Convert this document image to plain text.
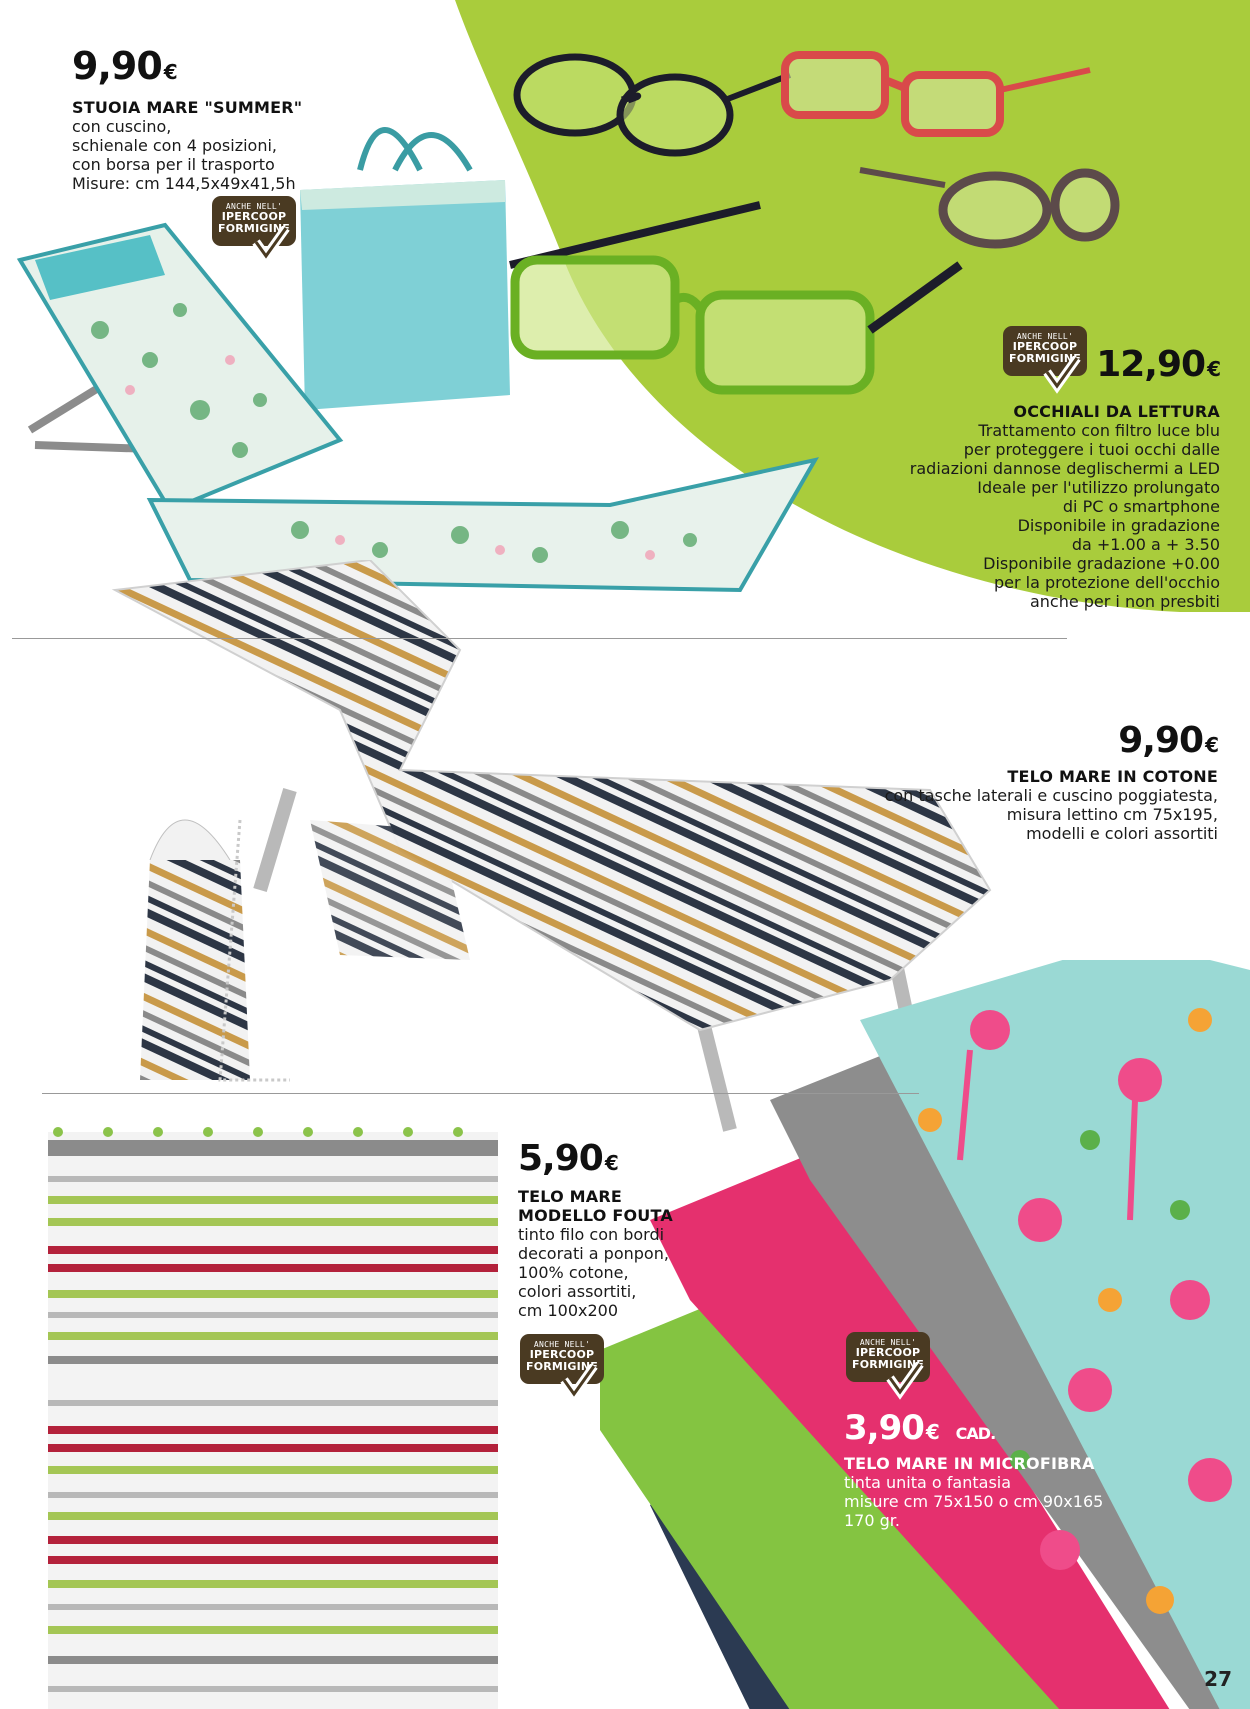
9,90 €
STUOIA MARE "SUMMER"
con cuscino,
schienale con 4 posizioni,
con borsa per il trasporto
Misure: cm 144,5x49x41,5h
ANCHE NELL'
IPERCOOP
FORMIGINE
ANCHE NELL'
IPERCOOP
FORMIGINE 12,90 €
OCCHIALI DA LETTURA
Trattamento con filtro luce blu
per proteggere i tuoi occhi dalle
radiazioni dannose deglischermi a LED
Ideale per l'utilizzo prolungato
di PC o smartphone
Disponibile in gradazione
da +1.00 a + 3.50
Disponibile gradazione +0.00
per la protezione dell'occhio
anche per i non presbiti
9,90 €
TELO MARE IN COTONE
con tasche laterali e cuscino poggiatesta,
misura lettino cm 75x195,
modelli e colori assortiti
5,90 €
TELO MARE
MODELLO FOUTA
tinto filo con bordi
decorati a ponpon,
100% cotone,
colori assortiti,
cm 100x200
ANCHE NELL'
IPERCOOP
FORMIGINE
ANCHE NELL'
IPERCOOP
FORMIGINE
3,90 € CAD.
TELO MARE IN MICROFIBRA
tinta unita o fantasia
misure cm 75x150 o cm 90x165
170 gr.
27
